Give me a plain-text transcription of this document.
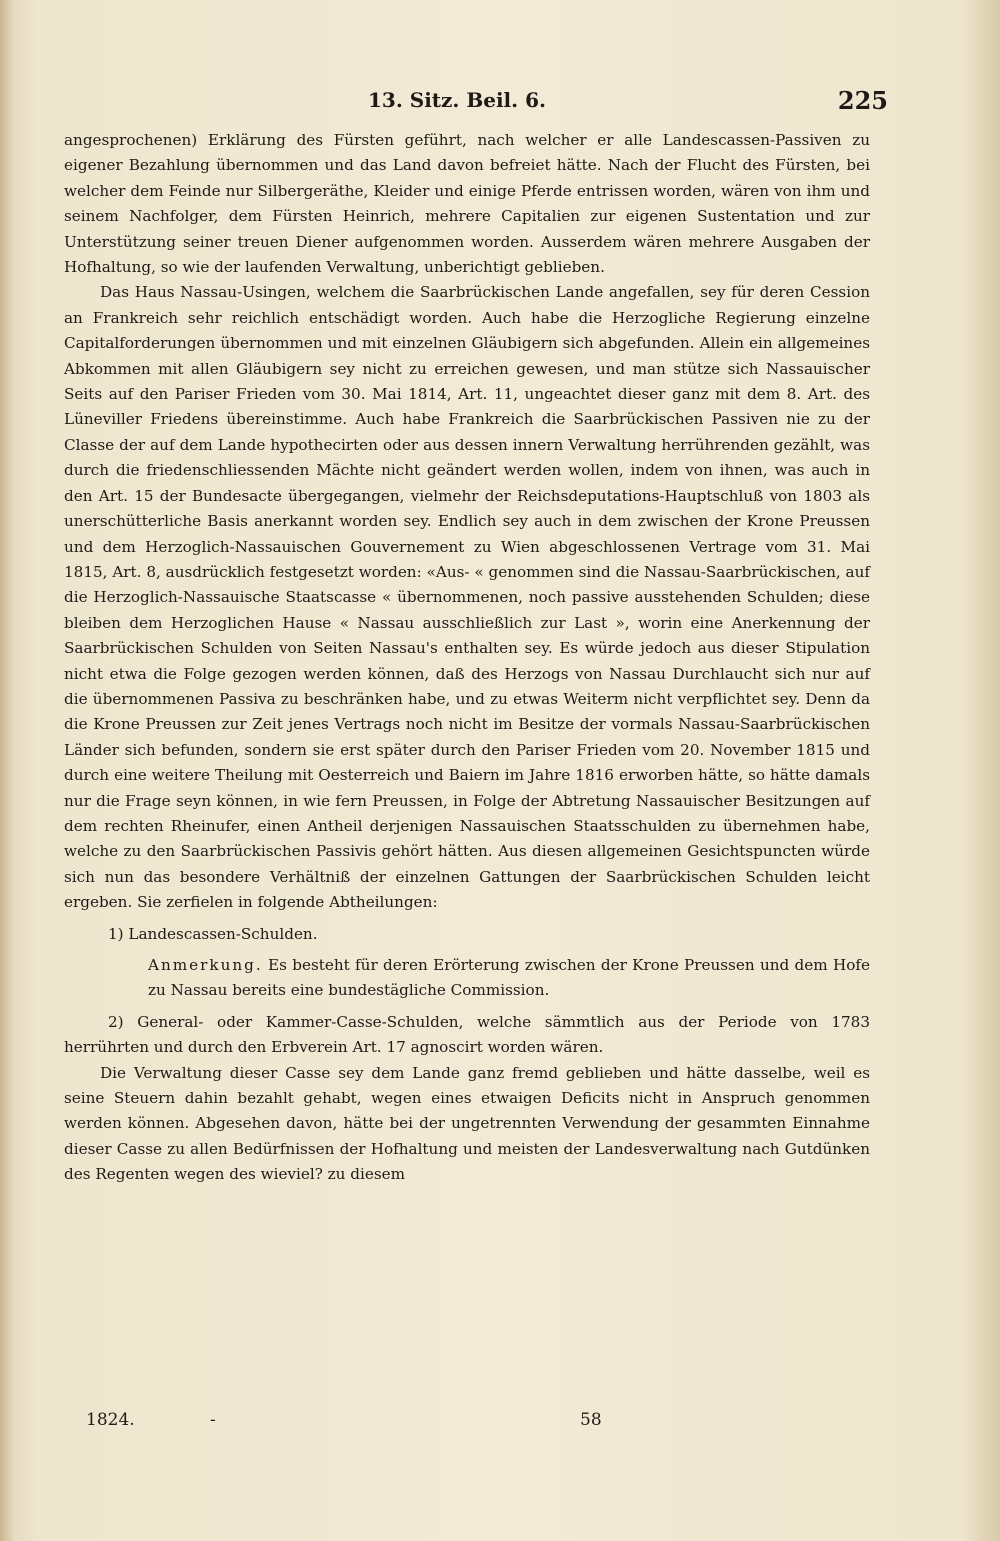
13. Sitz. Beil. 6.	225

angesprochenen) Erklärung des Fürsten geführt, nach welcher er alle Landescassen-Passiven zu eigener Bezahlung übernommen und das Land davon befreiet hätte. Nach der Flucht des Fürsten, bei welcher dem Feinde nur Silbergeräthe, Kleider und einige Pferde entrissen worden, wären von ihm und seinem Nachfolger, dem Fürsten Heinrich, mehrere Capitalien zur eigenen Sustentation und zur Unterstützung seiner treuen Diener aufgenommen worden. Ausserdem wären mehrere Ausgaben der Hofhaltung, so wie der laufenden Verwaltung, unberichtigt geblieben.

Das Haus Nassau-Usingen, welchem die Saarbrückischen Lande angefallen, sey für deren Cession an Frankreich sehr reichlich entschädigt worden. Auch habe die Herzogliche Regierung einzelne Capitalforderungen übernommen und mit einzelnen Gläubigern sich abgefunden. Allein ein allgemeines Abkommen mit allen Gläubigern sey nicht zu erreichen gewesen, und man stütze sich Nassauischer Seits auf den Pariser Frieden vom 30. Mai 1814, Art. 11, ungeachtet dieser ganz mit dem 8. Art. des Lüneviller Friedens übereinstimme. Auch habe Frankreich die Saarbrückischen Passiven nie zu der Classe der auf dem Lande hypothecirten oder aus dessen innern Verwaltung herrührenden gezählt, was durch die friedenschliessenden Mächte nicht geändert werden wollen, indem von ihnen, was auch in den Art. 15 der Bundesacte übergegangen, vielmehr der Reichsdeputations-Hauptschluß von 1803 als unerschütterliche Basis anerkannt worden sey. Endlich sey auch in dem zwischen der Krone Preussen und dem Herzoglich-Nassauischen Gouvernement zu Wien abgeschlossenen Vertrage vom 31. Mai 1815, Art. 8, ausdrücklich festgesetzt worden: «Aus- « genommen sind die Nassau-Saarbrückischen, auf die Herzoglich-Nassauische Staatscasse « übernommenen, noch passive ausstehenden Schulden; diese bleiben dem Herzoglichen Hause « Nassau ausschließlich zur Last », worin eine Anerkennung der Saarbrückischen Schulden von Seiten Nassau's enthalten sey. Es würde jedoch aus dieser Stipulation nicht etwa die Folge gezogen werden können, daß des Herzogs von Nassau Durchlaucht sich nur auf die übernommenen Passiva zu beschränken habe, und zu etwas Weiterm nicht verpflichtet sey. Denn da die Krone Preussen zur Zeit jenes Vertrags noch nicht im Besitze der vormals Nassau-Saarbrückischen Länder sich befunden, sondern sie erst später durch den Pariser Frieden vom 20. November 1815 und durch eine weitere Theilung mit Oesterreich und Baiern im Jahre 1816 erworben hätte, so hätte damals nur die Frage seyn können, in wie fern Preussen, in Folge der Abtretung Nassauischer Besitzungen auf dem rechten Rheinufer, einen Antheil derjenigen Nassauischen Staatsschulden zu übernehmen habe, welche zu den Saarbrückischen Passivis gehört hätten. Aus diesen allgemeinen Gesichtspuncten würde sich nun das besondere Verhältniß der einzelnen Gattungen der Saarbrückischen Schulden leicht ergeben. Sie zerfielen in folgende Abtheilungen:

1) Landescassen-Schulden.

Anmerkung. Es besteht für deren Erörterung zwischen der Krone Preussen und dem Hofe zu Nassau bereits eine bundestägliche Commission.

2) General- oder Kammer-Casse-Schulden, welche sämmtlich aus der Periode von 1783 herrührten und durch den Erbverein Art. 17 agnoscirt worden wären.

Die Verwaltung dieser Casse sey dem Lande ganz fremd geblieben und hätte dasselbe, weil es seine Steuern dahin bezahlt gehabt, wegen eines etwaigen Deficits nicht in Anspruch genommen werden können. Abgesehen davon, hätte bei der ungetrennten Verwendung der gesammten Einnahme dieser Casse zu allen Bedürfnissen der Hofhaltung und meisten der Landesverwaltung nach Gutdünken des Regenten wegen des wieviel? zu diesem

1824.	-	58
